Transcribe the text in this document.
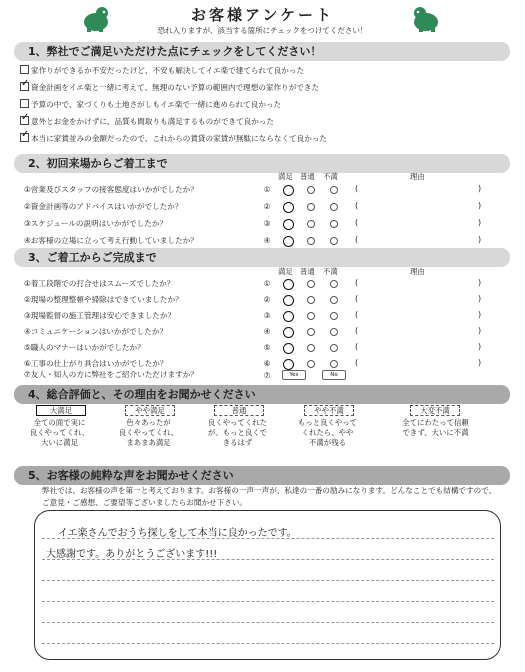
お客様アンケート
恐れ入りますが、該当する箇所にチェックをつけてください！
1、弊社でご満足いただけた点にチェックをしてください！
家作りができるか不安だったけど、不安も解決してイエ楽で建てられて良かった
✓資金計画をイエ楽と一緒に考えて、無理のない予算の範囲内で理想の家作りができた
予算の中で、家づくりも土地さがしもイエ楽で一緒に進められて良かった
✓意外とお金をかけずに、品質も間取りも満足するものができて良かった
✓本当に家賃並みの金額だったので、これからの賃貸の家賃が無駄にならなくて良かった
2、初回来場からご着工まで
満足 普通 不満	理由
①営業及びスタッフの接客態度はいかがでしたか？	①	(	)
②資金計画等のアドバイスはいかがでしたか？	②	(	)
③スケジュールの説明はいかがでしたか？	③	(	)
④お客様の立場に立って考え行動していましたか？	④	(	)
3、ご着工からご完成まで
満足 普通 不満	理由
①着工段階での打合せはスムーズでしたか？	①	(	)
②現場の整理整頓や掃除はできていましたか？	②	(	)
③現場監督の施工管理は安心できましたか？	③	(	)
④コミュニケーションはいかがでしたか？	④	(	)
⑤職人のマナーはいかがでしたか？	⑤	(	)
⑥工事の仕上がり具合はいかがでしたか？	⑥	(	)
⑦友人・知人の方に弊社をご紹介いただけますか？	⑦	Yes	No
4、総合評価と、その理由をお聞かせください
大満足
全ての面で実に
良くやってくれ、
大いに満足
やや満足
色々あったが
良くやってくれ、
まあまあ満足
普通
良くやってくれた
が、もっと良くで
きるはず
やや不満
もっと良くやって
くれたら、やや
不満が残る
大変不満
全てにわたって信頼
できず、大いに不満
5、お客様の純粋な声をお聞かせください
弊社では、お客様の声を第一と考えております。お客様の一声一声が、私達の一番の励みになります。どんなことでも結構ですので、ご意見・ご感想、ご要望等ございましたらお聞かせ下さい。
イエ楽さんでおうち探しをして本当に良かったです。
大感謝です。ありがとうございます!!!
